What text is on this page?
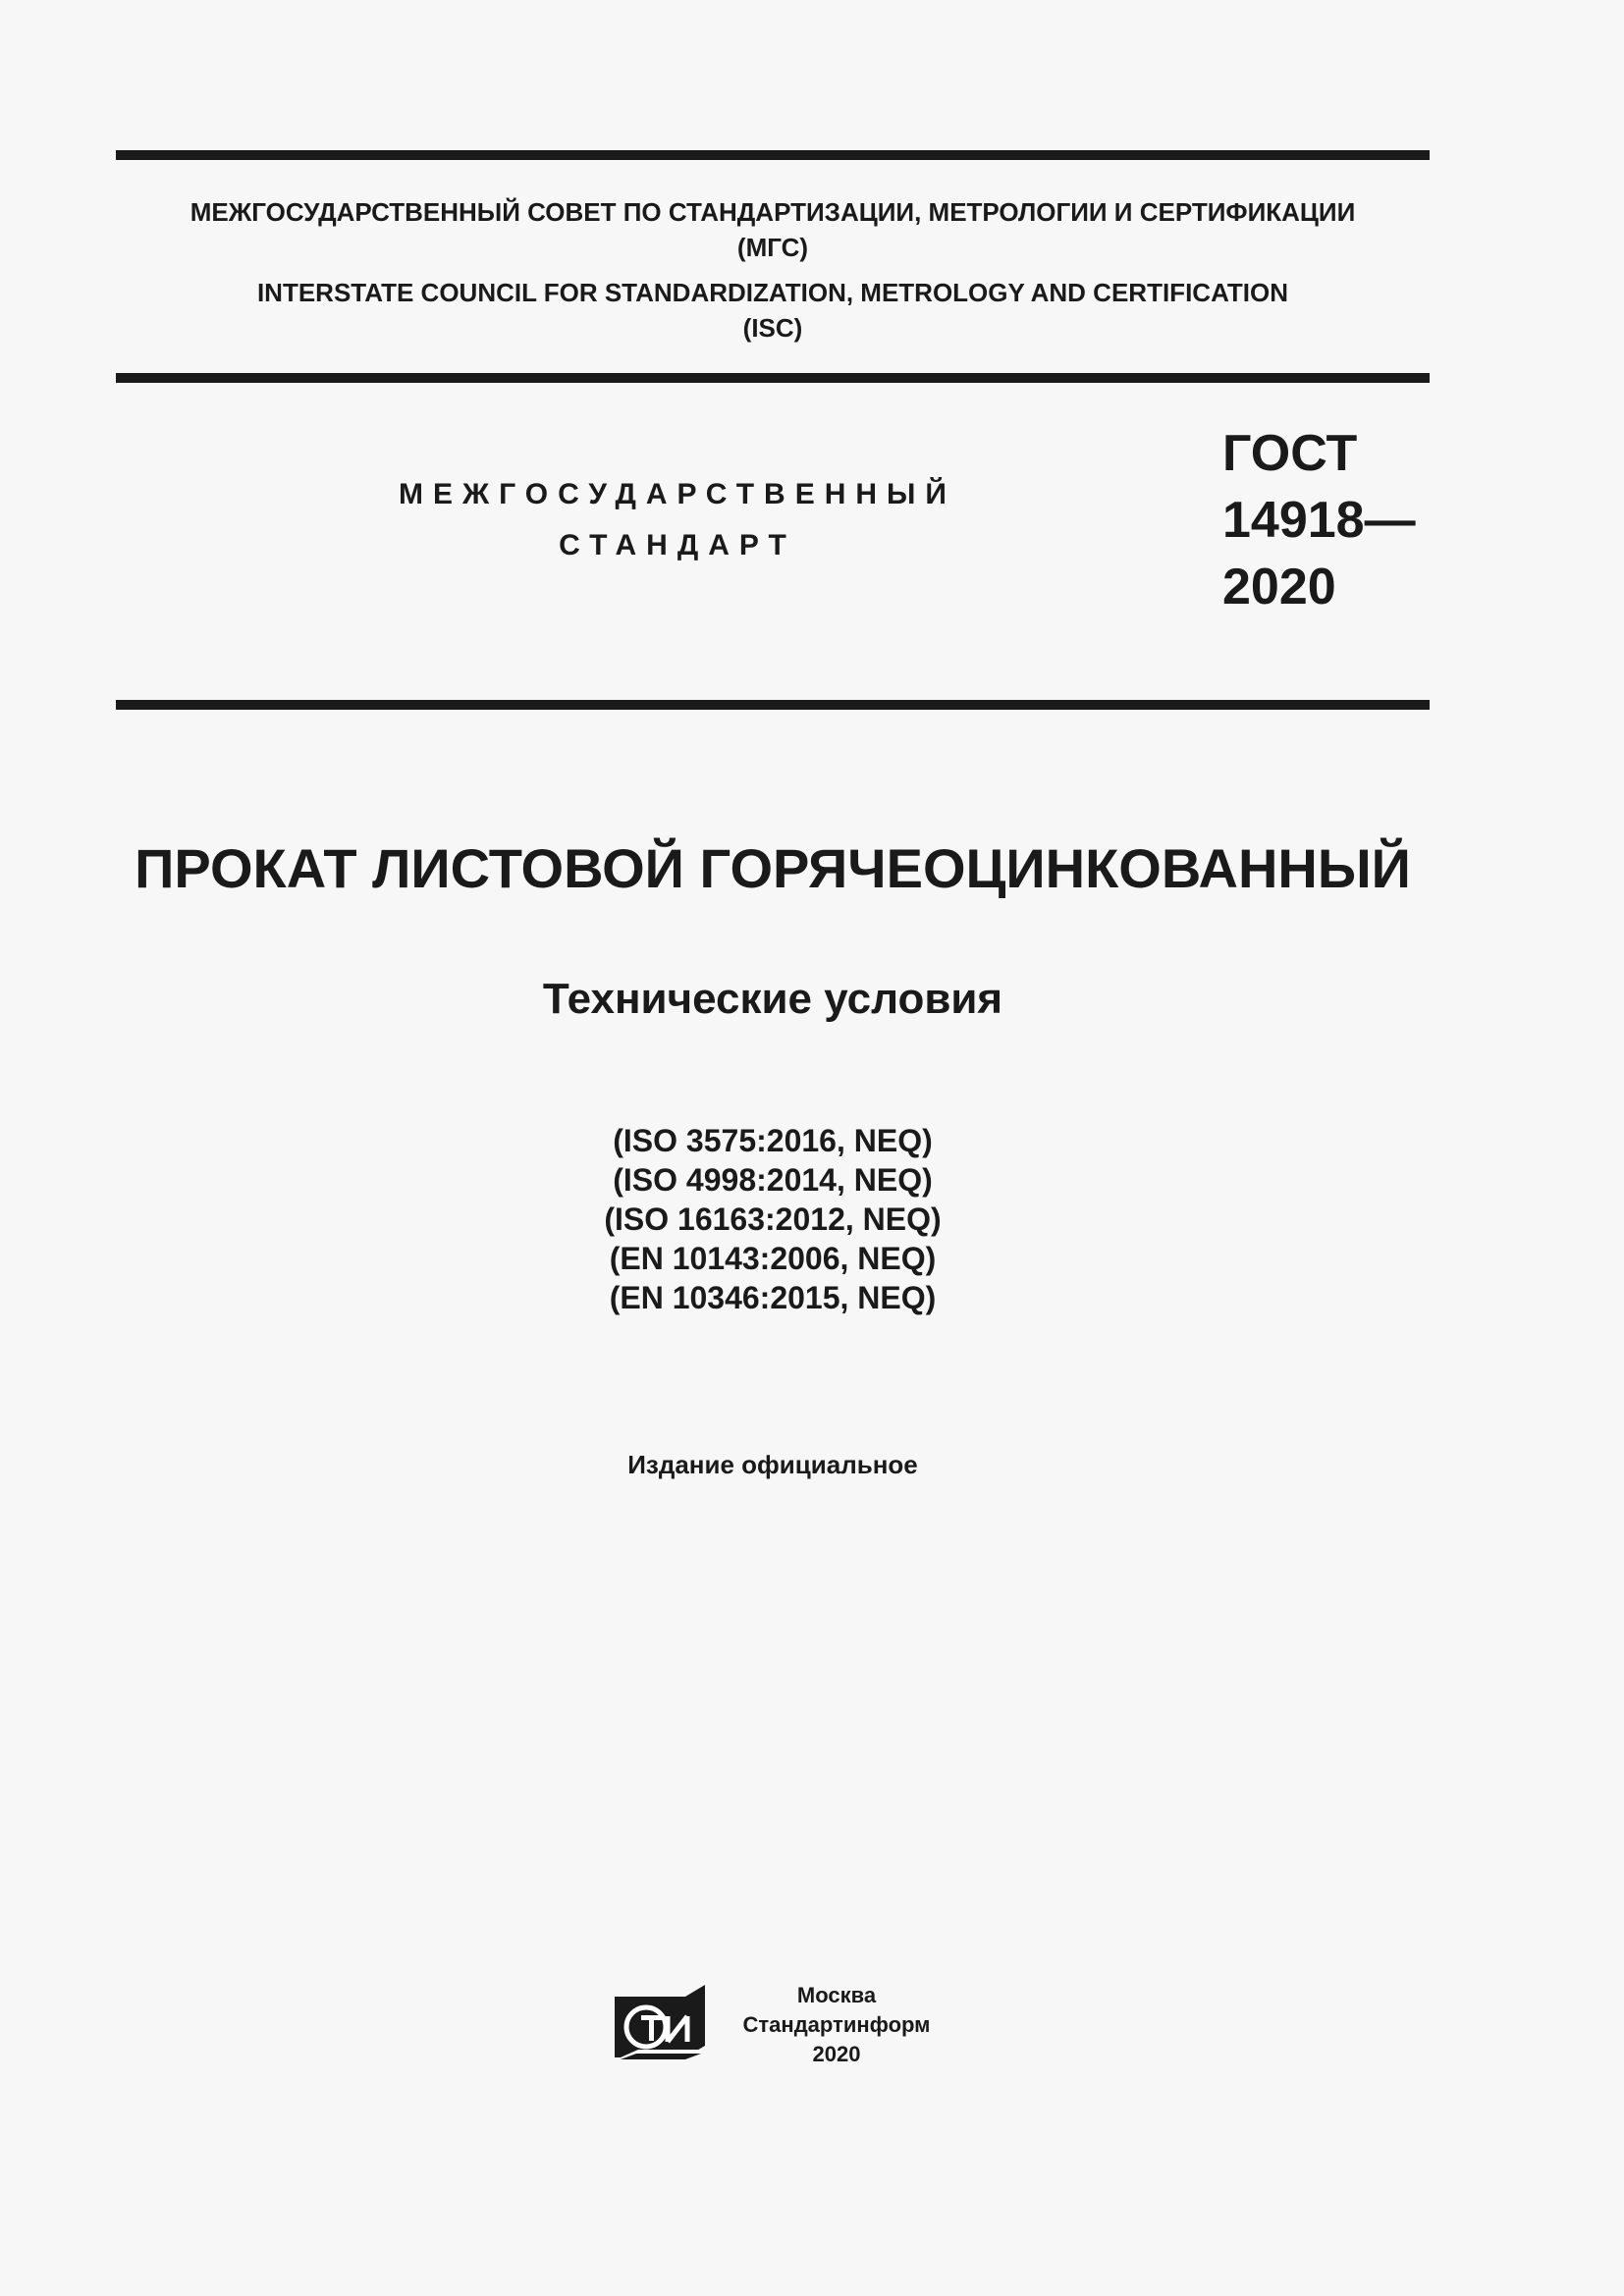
МЕЖГОСУДАРСТВЕННЫЙ СОВЕТ ПО СТАНДАРТИЗАЦИИ, МЕТРОЛОГИИ И СЕРТИФИКАЦИИ
(МГС)
INTERSTATE COUNCIL FOR STANDARDIZATION, METROLOGY AND CERTIFICATION
(ISC)
МЕЖГОСУДАРСТВЕННЫЙ
СТАНДАРТ
ГОСТ
14918—
2020
ПРОКАТ ЛИСТОВОЙ ГОРЯЧЕОЦИНКОВАННЫЙ
Технические условия
(ISO 3575:2016, NEQ)
(ISO 4998:2014, NEQ)
(ISO 16163:2012, NEQ)
(EN 10143:2006, NEQ)
(EN 10346:2015, NEQ)
Издание официальное
Москва
Стандартинформ
2020
